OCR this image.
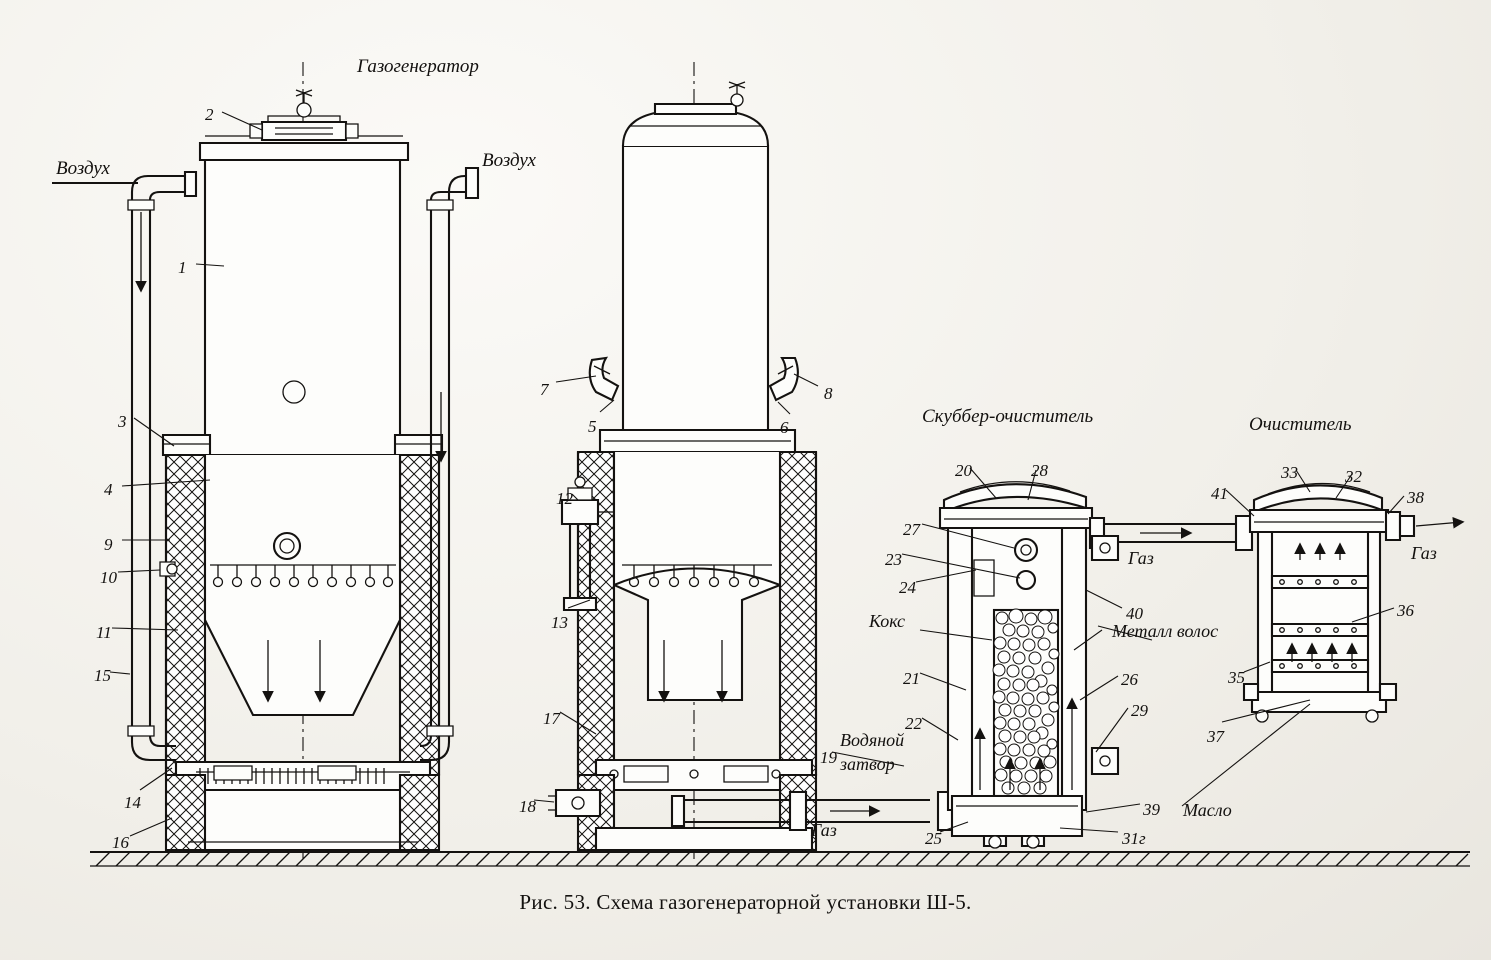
Газогенератор
Скуббер-очиститель	Очиститель
Воздух	Воздух
Газ
Газ	Газ
Кокс	Металл волос
Водяной
затвор
Масло
2
1
3
4
9
10
11
15
14
16
7
5
8
6
12
13
17
18
19
20	28
27
23
24
21
22
40
26
29
39
25	31г
41
33	32
38
36
35
37
Рис. 53. Схема газогенераторной установки Ш-5.
